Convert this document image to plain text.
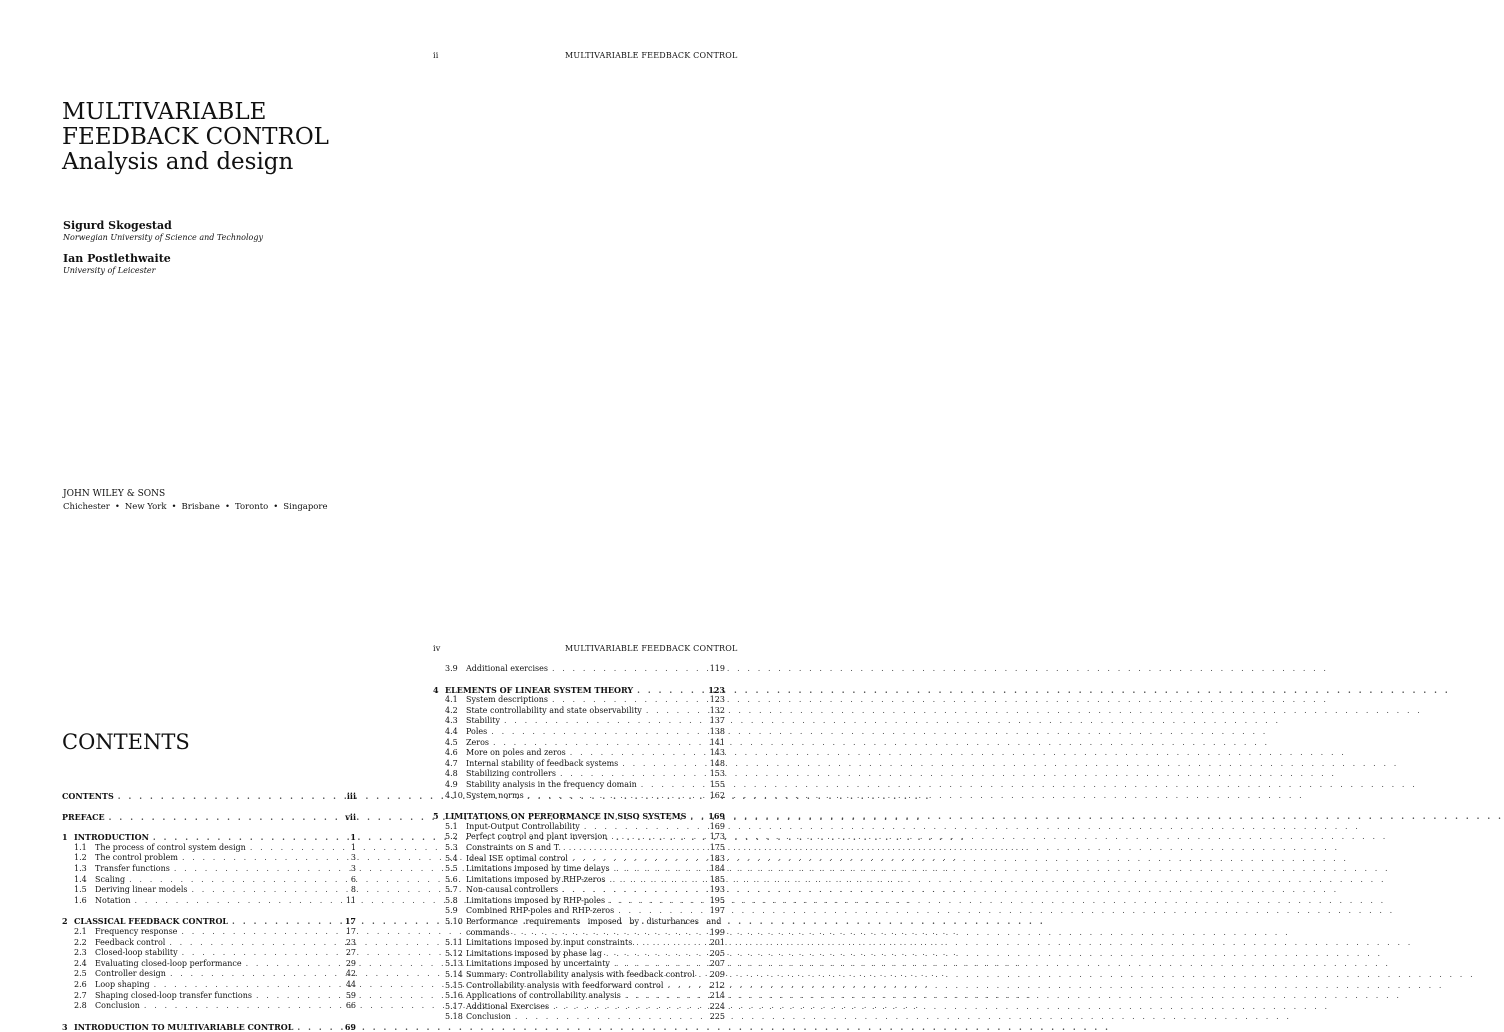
ii	MULTIVARIABLE FEEDBACK CONTROL
MULTIVARIABLE
FEEDBACK CONTROL
Analysis and design
Sigurd Skogestad
Norwegian University of Science and Technology
Ian Postlethwaite
University of Leicester
JOHN WILEY & SONS
Chichester • New York • Brisbane • Toronto • Singapore
CONTENTS
CONTENTS . . .	iii
PREFACE . . .	vii
1 INTRODUCTION . . .	1
1.1	The process of control system design . . .	1
1.2	The control problem . . .	3
1.3	Transfer functions . . .	3
1.4	Scaling . . .	6
1.5	Deriving linear models . . .	8
1.6	Notation . . .	11
2 CLASSICAL FEEDBACK CONTROL . . .	17
2.1	Frequency response . . .	17
2.2	Feedback control . . .	23
2.3	Closed-loop stability . . .	27
2.4	Evaluating closed-loop performance . . .	29
2.5	Controller design . . .	42
2.6	Loop shaping . . .	44
2.7	Shaping closed-loop transfer functions . . .	59
2.8	Conclusion . . .	66
3 INTRODUCTION TO MULTIVARIABLE CONTROL . . .	69
iv	MULTIVARIABLE FEEDBACK CONTROL
3.9	Additional exercises . . .	119
4 ELEMENTS OF LINEAR SYSTEM THEORY . . .	123
4.1	System descriptions . . .	123
4.2	State controllability and state observability . . .	132
4.3	Stability . . .	137
4.4	Poles . . .	138
4.5	Zeros . . .	141
4.6	More on poles and zeros . . .	143
4.7	Internal stability of feedback systems . . .	148
4.8	Stabilizing controllers . . .	153
4.9	Stability analysis in the frequency domain . . .	155
4.10 System norms . . .	162
5 LIMITATIONS ON PERFORMANCE IN SISO SYSTEMS . . .	169
5.1	Input-Output Controllability . . .	169
5.2	Perfect control and plant inversion . . .	173
5.3	Constraints on S and T . . .	175
5.4	Ideal ISE optimal control . . .	183
5.5	Limitations imposed by time delays . . .	184
5.6	Limitations imposed by RHP-zeros . . .	185
5.7	Non-causal controllers . . .	193
5.8	Limitations imposed by RHP-poles . . .	195
5.9	Combined RHP-poles and RHP-zeros . . .	197
5.10 Performance requirements imposed by disturbances and
commands . . .	199
5.11 Limitations imposed by input constraints . . .	201
5.12 Limitations imposed by phase lag . . .	205
5.13 Limitations imposed by uncertainty . . .	207
5.14 Summary: Controllability analysis with feedback control . . . 209
5.15 Controllability analysis with feedforward control . . .	212
5.16 Applications of controllability analysis . . .	214
5.17 Additional Exercises . . .	224
5.18 Conclusion . . .	225
